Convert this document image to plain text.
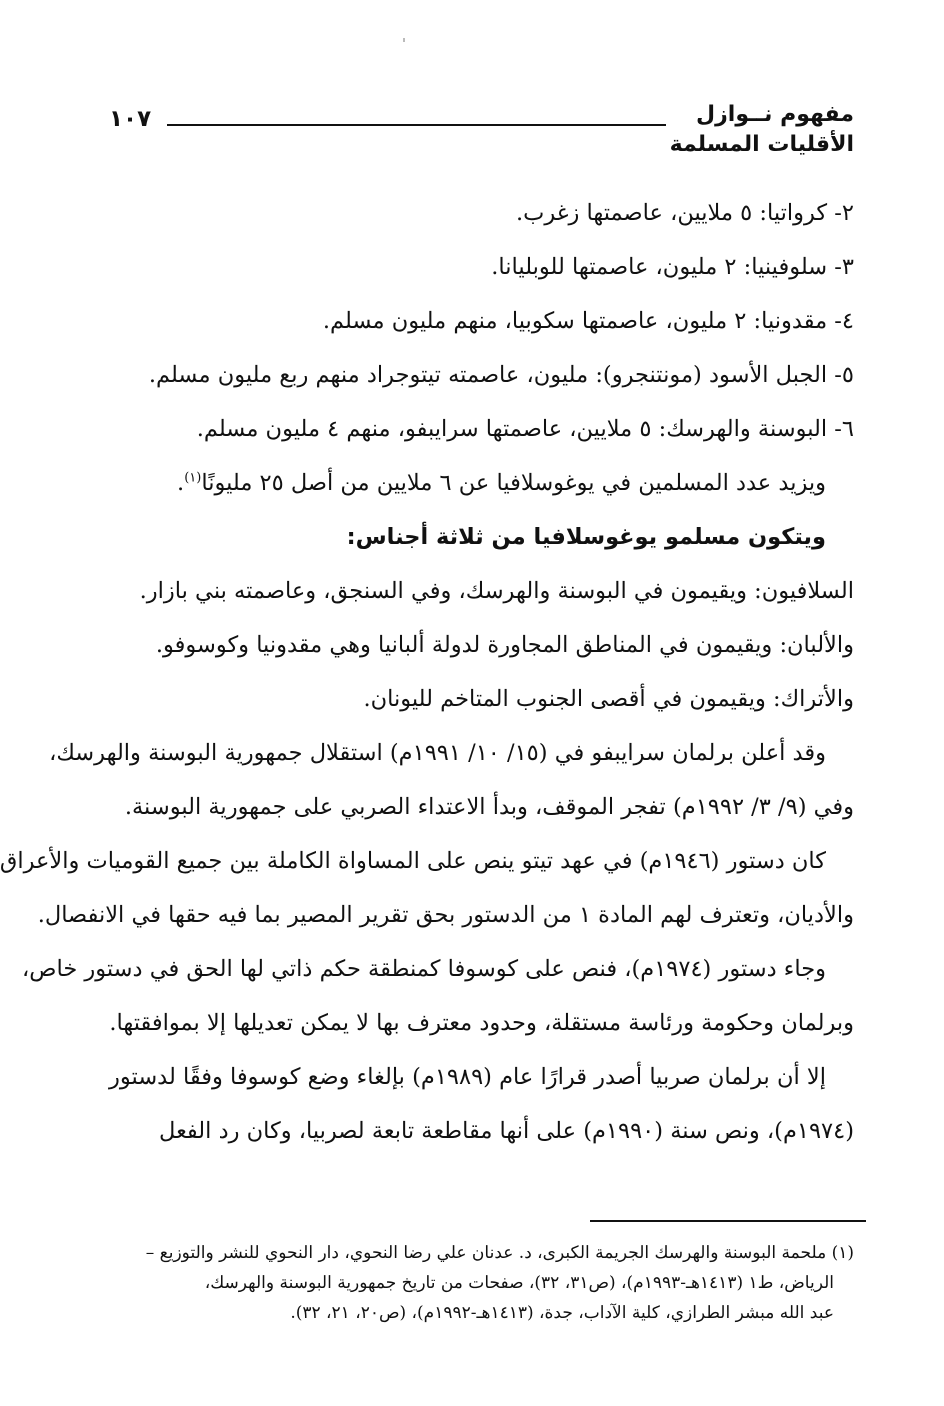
مفهوم نــوازل
الأقليات المسلمة
١٠٧
٢- كرواتيا: ٥ ملايين، عاصمتها زغرب.
٣- سلوفينيا: ٢ مليون، عاصمتها للوبليانا.
٤- مقدونيا: ٢ مليون، عاصمتها سكوبيا، منهم مليون مسلم.
٥- الجبل الأسود (مونتنجرو): مليون، عاصمته تيتوجراد منهم ربع مليون مسلم.
٦- البوسنة والهرسك: ٥ ملايين، عاصمتها سرايبفو، منهم ٤ مليون مسلم.
ويزيد عدد المسلمين في يوغوسلافيا عن ٦ ملايين من أصل ٢٥ مليونًا$^{(١)}$.
ويتكون مسلمو يوغوسلافيا من ثلاثة أجناس:
السلافيون: ويقيمون في البوسنة والهرسك، وفي السنجق، وعاصمته بني بازار.
والألبان: ويقيمون في المناطق المجاورة لدولة ألبانيا وهي مقدونيا وكوسوفو.
والأتراك: ويقيمون في أقصى الجنوب المتاخم لليونان.
وقد أعلن برلمان سرايبفو في (١٥/ ١٠/ ١٩٩١م) استقلال جمهورية البوسنة والهرسك،
وفي (٩/ ٣/ ١٩٩٢م) تفجر الموقف، وبدأ الاعتداء الصربي على جمهورية البوسنة.
كان دستور (١٩٤٦م) في عهد تيتو ينص على المساواة الكاملة بين جميع القوميات والأعراق
والأديان، وتعترف لهم المادة ١ من الدستور بحق تقرير المصير بما فيه حقها في الانفصال.
وجاء دستور (١٩٧٤م)، فنص على كوسوفا كمنطقة حكم ذاتي لها الحق في دستور خاص،
وبرلمان وحكومة ورئاسة مستقلة، وحدود معترف بها لا يمكن تعديلها إلا بموافقتها.
إلا أن برلمان صربيا أصدر قرارًا عام (١٩٨٩م) بإلغاء وضع كوسوفا وفقًا لدستور
(١٩٧٤م)، ونص سنة (١٩٩٠م) على أنها مقاطعة تابعة لصربيا، وكان رد الفعل
(١) ملحمة البوسنة والهرسك الجريمة الكبرى، د. عدنان علي رضا النحوي، دار النحوي للنشر والتوزيع –
الرياض، ط١ (١٤١٣هـ-١٩٩٣م)، (ص٣١، ٣٢)، صفحات من تاريخ جمهورية البوسنة والهرسك،
عبد الله مبشر الطرازي، كلية الآداب، جدة، (١٤١٣هـ-١٩٩٢م)، (ص٢٠، ٢١، ٣٢).
